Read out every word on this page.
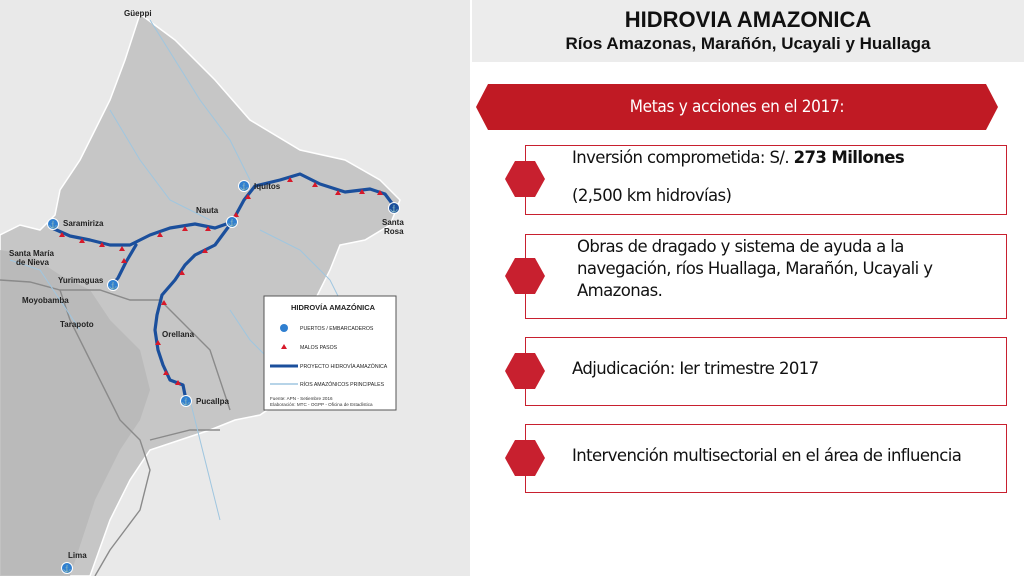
⚓
⚓
⚓
⚓
⚓
⚓
⚓
Güeppi
Iquitos
Santa
Rosa
Nauta
Saramiriza
Santa María
de Nieva
Yurimaguas
Moyobamba
Tarapoto
Orellana
Pucallpa
Lima
HIDROVÍA AMAZÓNICA
PUERTOS / EMBARCADEROS
MALOS PASOS
PROYECTO HIDROVÍA AMAZÓNICA
RÍOS AMAZÓNICOS PRINCIPALES
Fuente: APN - Setiembre 2016
Elaboración: MTC - OGPP - Oficina de Estadística
HIDROVIA AMAZONICA
Ríos Amazonas, Marañón, Ucayali y Huallaga
Metas y acciones en el 2017:
Inversión comprometida: S/. 273 Millones
(2,500 km hidrovías)
Obras de dragado y sistema de ayuda a la navegación, ríos Huallaga, Marañón, Ucayali y Amazonas.
Adjudicación: Ier trimestre 2017
Intervención multisectorial en el área de influencia
